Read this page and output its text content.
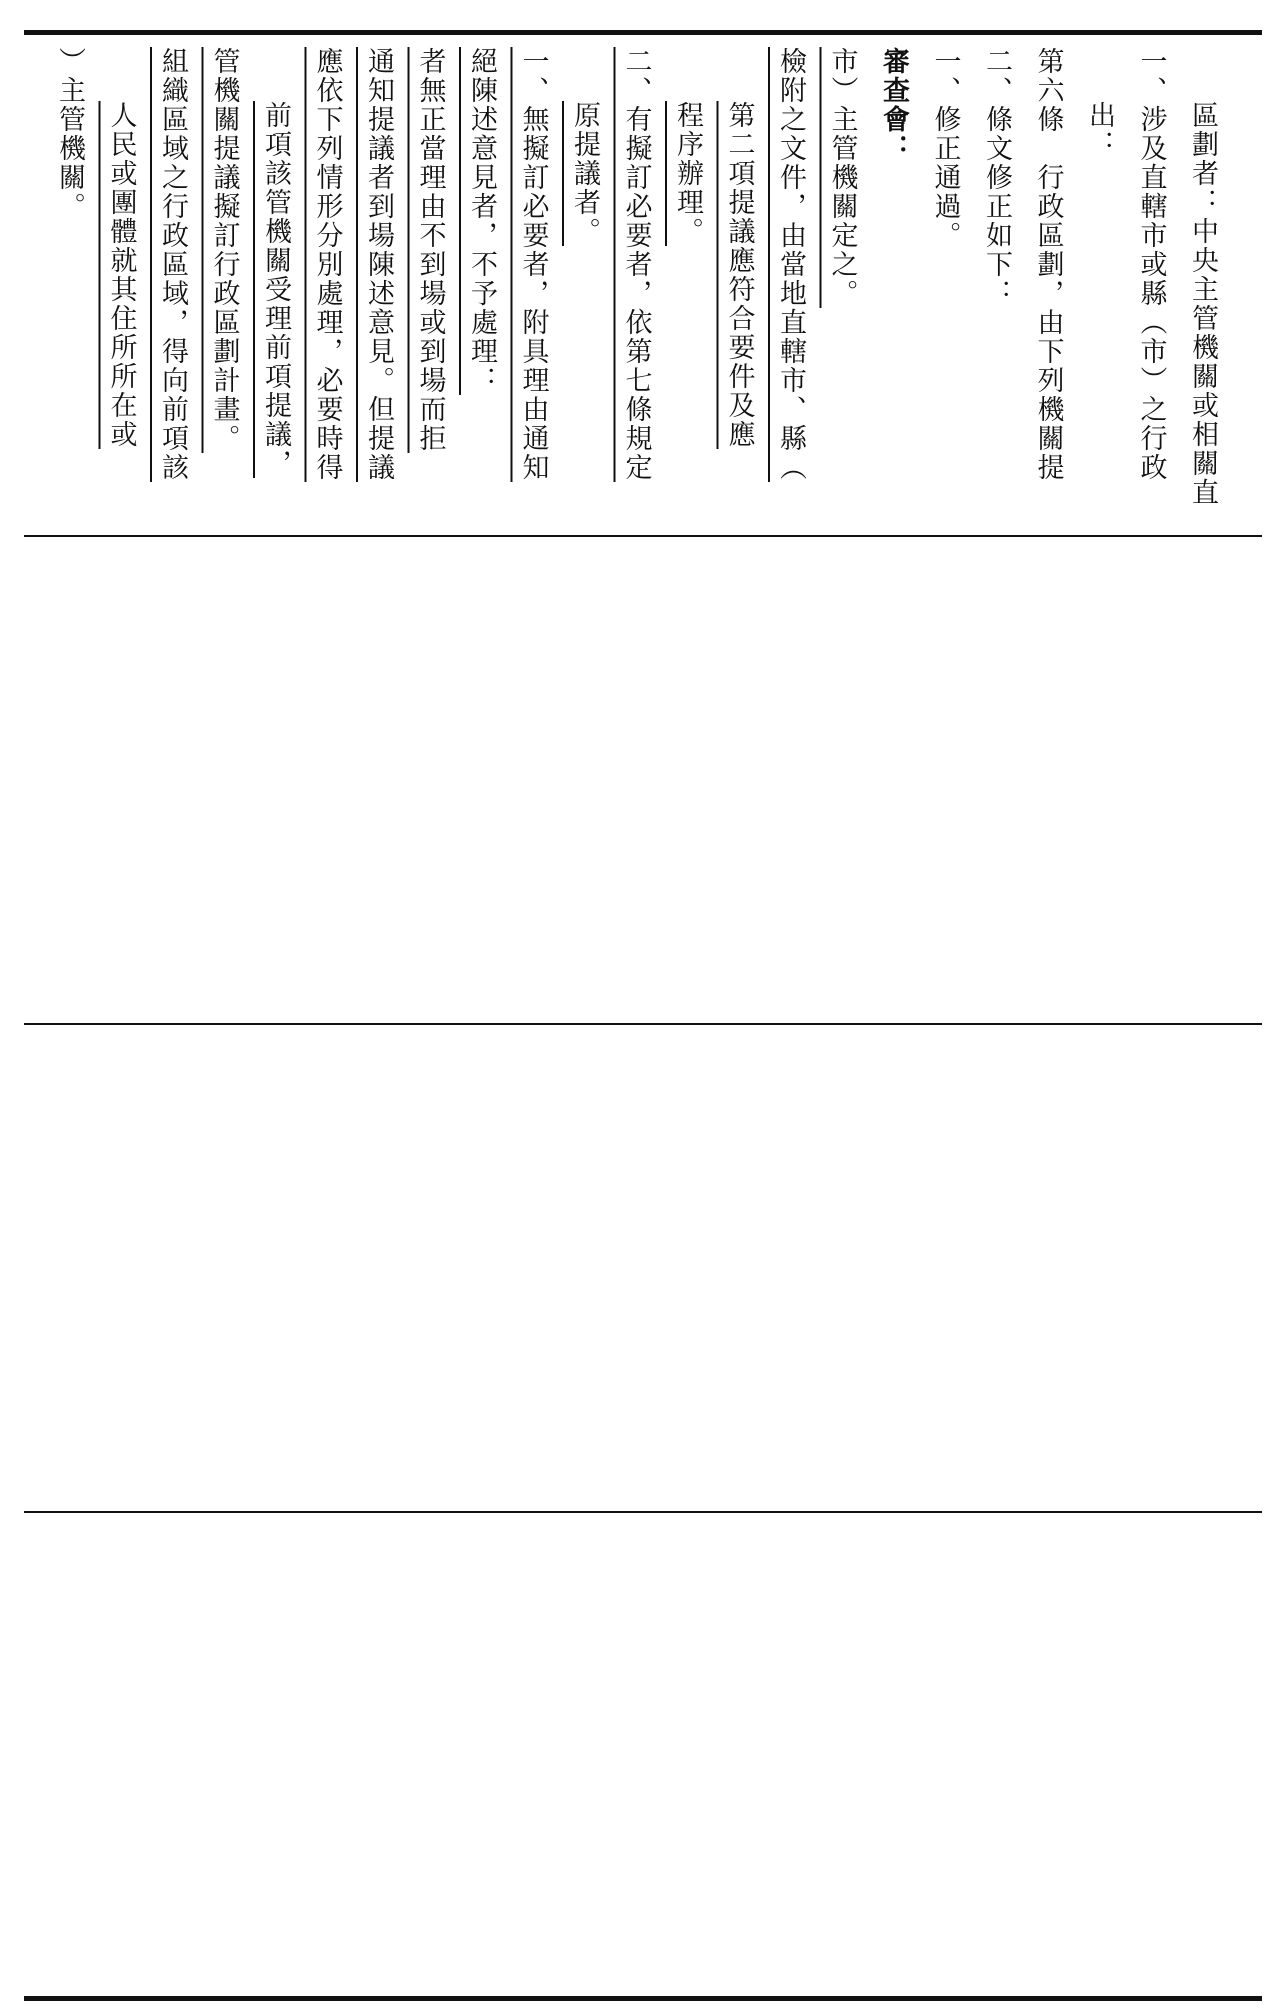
）主管機關。 人民或團體就其住所所在或 組織區域之行政區域，得向前項該 管機關提議擬訂行政區劃計畫。 前項該管機關受理前項提議， 應依下列情形分別處理，必要時得 通知提議者到場陳述意見。但提議 者無正當理由不到場或到場而拒 絕陳述意見者，不予處理： 一、無擬訂必要者，附具理由通知 原提議者。 二、有擬訂必要者，依第七條規定 程序辦理。 第二項提議應符合要件及應 檢附之文件，由當地直轄市、縣（ 市）主管機關定之。 審查會： 一、修正通過。 二、條文修正如下： 第六條　行政區劃，由下列機關提 出： 一、涉及直轄市或縣（市）之行政 區劃者：中央主管機關或相關直
